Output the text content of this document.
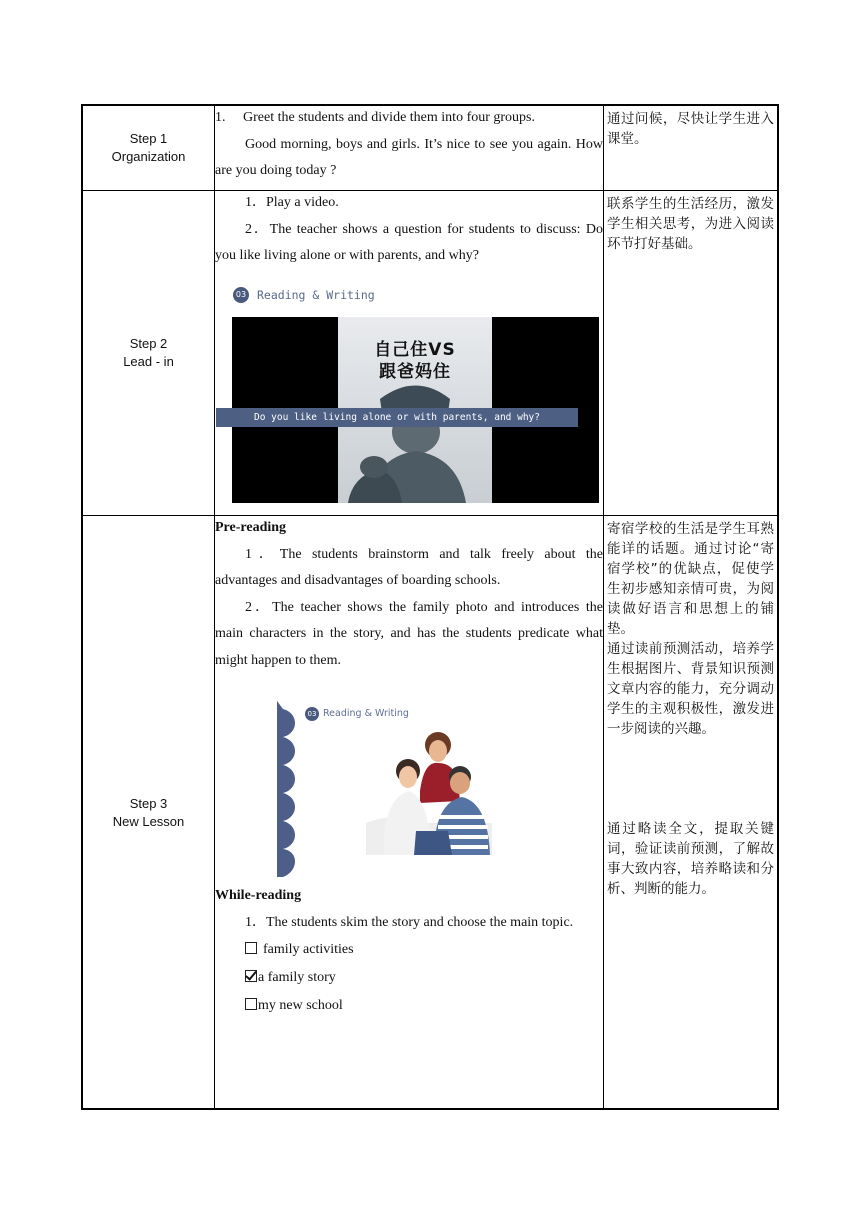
Step 1
Organization

1.     Greet the students and divide them into four groups.

Good morning, boys and girls. It’s nice to see you again. How are you doing today ?

通过问候，尽快让学生进入课堂。
Step 2
Lead - in

1．Play a video.

2．The teacher shows a question for students to discuss: Do you like living alone or with parents, and why?

03 Reading & Writing
自己住VS
跟爸妈住
Do you like living alone or with parents, and why?
联系学生的生活经历，激发学生相关思考，为进入阅读环节打好基础。
Step 3
New Lesson

Pre-reading

1．The students brainstorm and talk freely about the advantages and disadvantages of boarding schools.

2．The teacher shows the family photo and introduces the main characters in the story, and has the students predicate what might happen to them.

03 Reading & Writing

While-reading

1．The students skim the story and choose the main topic.

family activities
a family story
my new school
寄宿学校的生活是学生耳熟能详的话题。通过讨论“寄宿学校”的优缺点，促使学生初步感知亲情可贵，为阅读做好语言和思想上的铺垫。
通过读前预测活动，培养学生根据图片、背景知识预测文章内容的能力，充分调动学生的主观积极性，激发进一步阅读的兴趣。
通过略读全文，提取关键词，验证读前预测，了解故事大致内容，培养略读和分析、判断的能力。
